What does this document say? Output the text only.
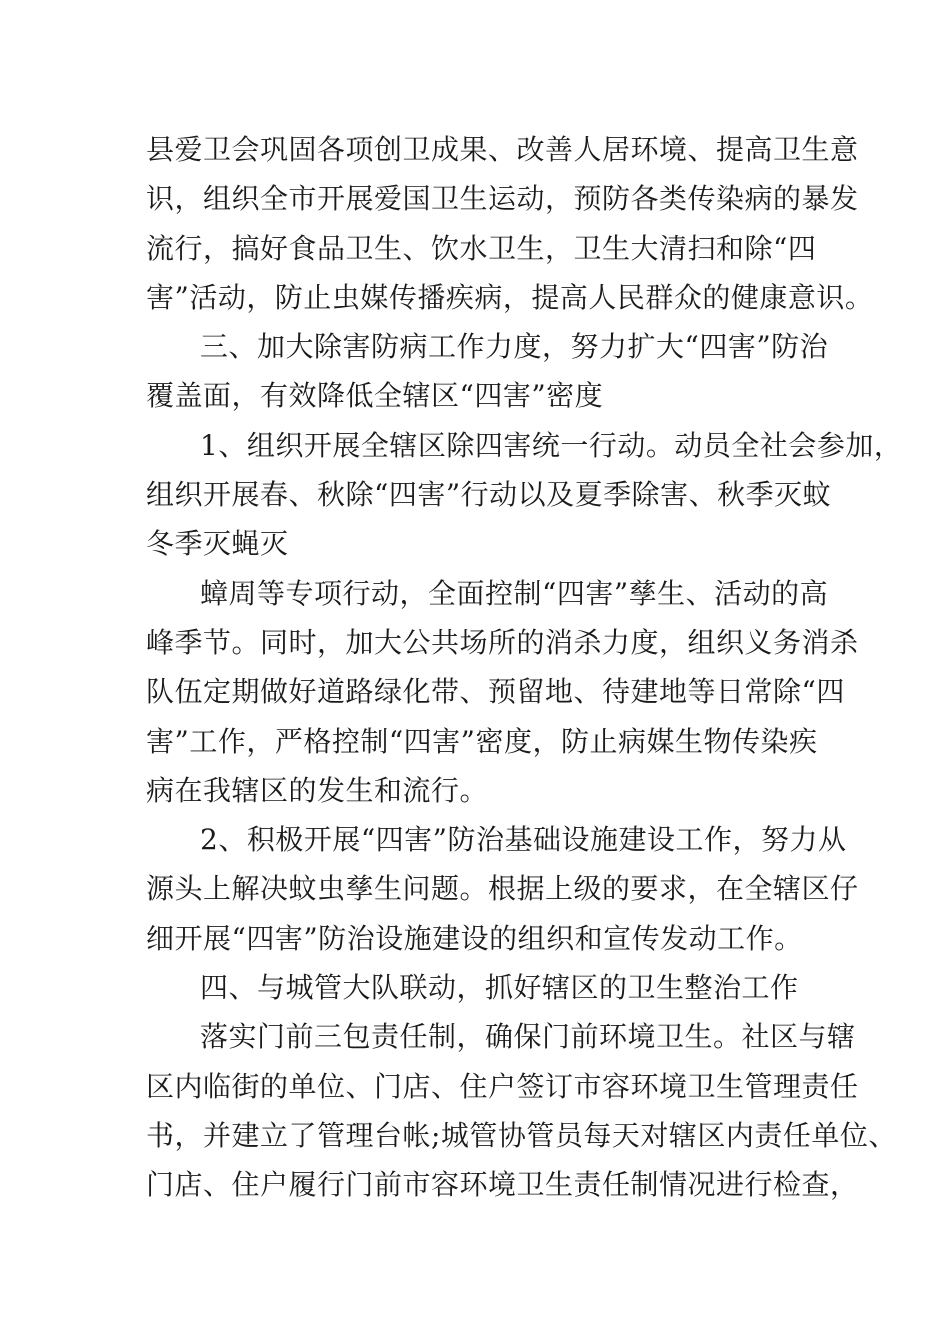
县爱卫会巩固各项创卫成果、改善人居环境、提高卫生意
识，组织全市开展爱国卫生运动，预防各类传染病的暴发
流行，搞好食品卫生、饮水卫生，卫生大清扫和除“四
害”活动，防止虫媒传播疾病，提高人民群众的健康意识。
三、加大除害防病工作力度，努力扩大“四害”防治
覆盖面，有效降低全辖区“四害”密度
1、组织开展全辖区除四害统一行动。动员全社会参加，
组织开展春、秋除“四害”行动以及夏季除害、秋季灭蚊
冬季灭蝇灭
蟑周等专项行动，全面控制“四害”孳生、活动的高
峰季节。同时，加大公共场所的消杀力度，组织义务消杀
队伍定期做好道路绿化带、预留地、待建地等日常除“四
害”工作，严格控制“四害”密度，防止病媒生物传染疾
病在我辖区的发生和流行。
2、积极开展“四害”防治基础设施建设工作，努力从
源头上解决蚊虫孳生问题。根据上级的要求，在全辖区仔
细开展“四害”防治设施建设的组织和宣传发动工作。
四、与城管大队联动，抓好辖区的卫生整治工作
落实门前三包责任制，确保门前环境卫生。社区与辖
区内临街的单位、门店、住户签订市容环境卫生管理责任
书，并建立了管理台帐;城管协管员每天对辖区内责任单位、
门店、住户履行门前市容环境卫生责任制情况进行检查，
